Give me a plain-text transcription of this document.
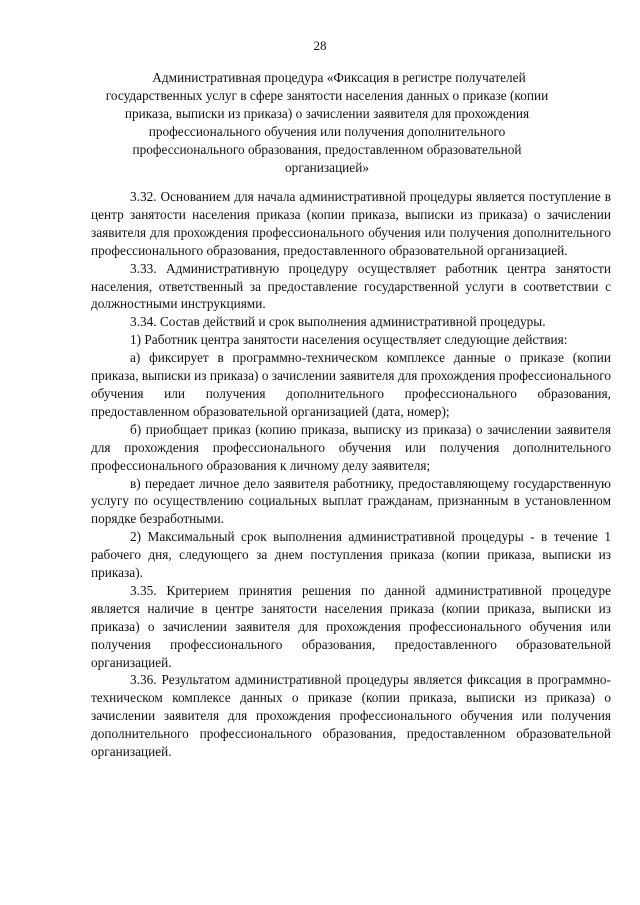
28
Административная процедура «Фиксация в регистре получателей государственных услуг в сфере занятости населения данных о приказе (копии приказа, выписки из приказа) о зачислении заявителя для прохождения профессионального обучения или получения дополнительного профессионального образования, предоставленном образовательной организацией»

3.32. Основанием для начала административной процедуры является поступление в центр занятости населения приказа (копии приказа, выписки из приказа) о зачислении заявителя для прохождения профессионального обучения или получения дополнительного профессионального образования, предоставленного образовательной организацией.

3.33. Административную процедуру осуществляет работник центра занятости населения, ответственный за предоставление государственной услуги в соответствии с должностными инструкциями.

3.34. Состав действий и срок выполнения административной процедуры.

1) Работник центра занятости населения осуществляет следующие действия:

а) фиксирует в программно-техническом комплексе данные о приказе (копии приказа, выписки из приказа) о зачислении заявителя для прохождения профессионального обучения или получения дополнительного профессионального образования, предоставленном образовательной организацией (дата, номер);

б) приобщает приказ (копию приказа, выписку из приказа) о зачислении заявителя для прохождения профессионального обучения или получения дополнительного профессионального образования к личному делу заявителя;

в) передает личное дело заявителя работнику, предоставляющему государственную услугу по осуществлению социальных выплат гражданам, признанным в установленном порядке безработными.

2) Максимальный срок выполнения административной процедуры - в течение 1 рабочего дня, следующего за днем поступления приказа (копии приказа, выписки из приказа).

3.35. Критерием принятия решения по данной административной процедуре является наличие в центре занятости населения приказа (копии приказа, выписки из приказа) о зачислении заявителя для прохождения профессионального обучения или получения профессионального образования, предоставленного образовательной организацией.

3.36. Результатом административной процедуры является фиксация в программно-техническом комплексе данных о приказе (копии приказа, выписки из приказа) о зачислении заявителя для прохождения профессионального обучения или получения дополнительного профессионального образования, предоставленном образовательной организацией.
